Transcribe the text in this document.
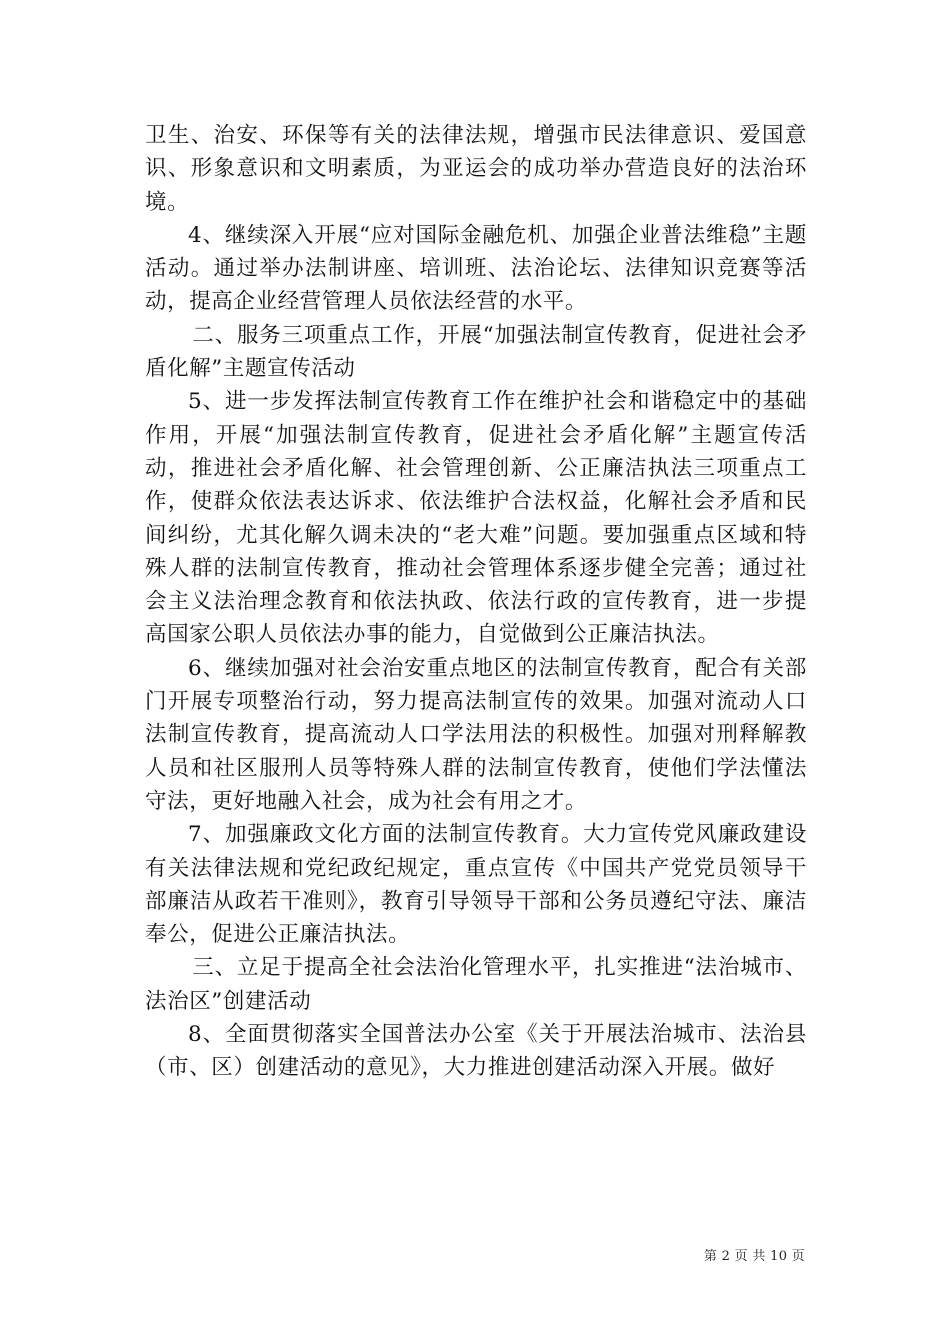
卫生、治安、环保等有关的法律法规，增强市民法律意识、爱国意识、形象意识和文明素质，为亚运会的成功举办营造良好的法治环境。

4、继续深入开展“应对国际金融危机、加强企业普法维稳”主题活动。通过举办法制讲座、培训班、法治论坛、法律知识竞赛等活动，提高企业经营管理人员依法经营的水平。

二、服务三项重点工作，开展“加强法制宣传教育，促进社会矛盾化解”主题宣传活动

5、进一步发挥法制宣传教育工作在维护社会和谐稳定中的基础作用，开展“加强法制宣传教育，促进社会矛盾化解”主题宣传活动，推进社会矛盾化解、社会管理创新、公正廉洁执法三项重点工作，使群众依法表达诉求、依法维护合法权益，化解社会矛盾和民间纠纷，尤其化解久调未决的“老大难”问题。要加强重点区域和特殊人群的法制宣传教育，推动社会管理体系逐步健全完善；通过社会主义法治理念教育和依法执政、依法行政的宣传教育，进一步提高国家公职人员依法办事的能力，自觉做到公正廉洁执法。

6、继续加强对社会治安重点地区的法制宣传教育，配合有关部门开展专项整治行动，努力提高法制宣传的效果。加强对流动人口法制宣传教育，提高流动人口学法用法的积极性。加强对刑释解教人员和社区服刑人员等特殊人群的法制宣传教育，使他们学法懂法守法，更好地融入社会，成为社会有用之才。

7、加强廉政文化方面的法制宣传教育。大力宣传党风廉政建设有关法律法规和党纪政纪规定，重点宣传《中国共产党党员领导干部廉洁从政若干准则》，教育引导领导干部和公务员遵纪守法、廉洁奉公，促进公正廉洁执法。

三、立足于提高全社会法治化管理水平，扎实推进“法治城市、法治区”创建活动

8、全面贯彻落实全国普法办公室《关于开展法治城市、法治县（市、区）创建活动的意见》，大力推进创建活动深入开展。做好

第 2 页 共 10 页
